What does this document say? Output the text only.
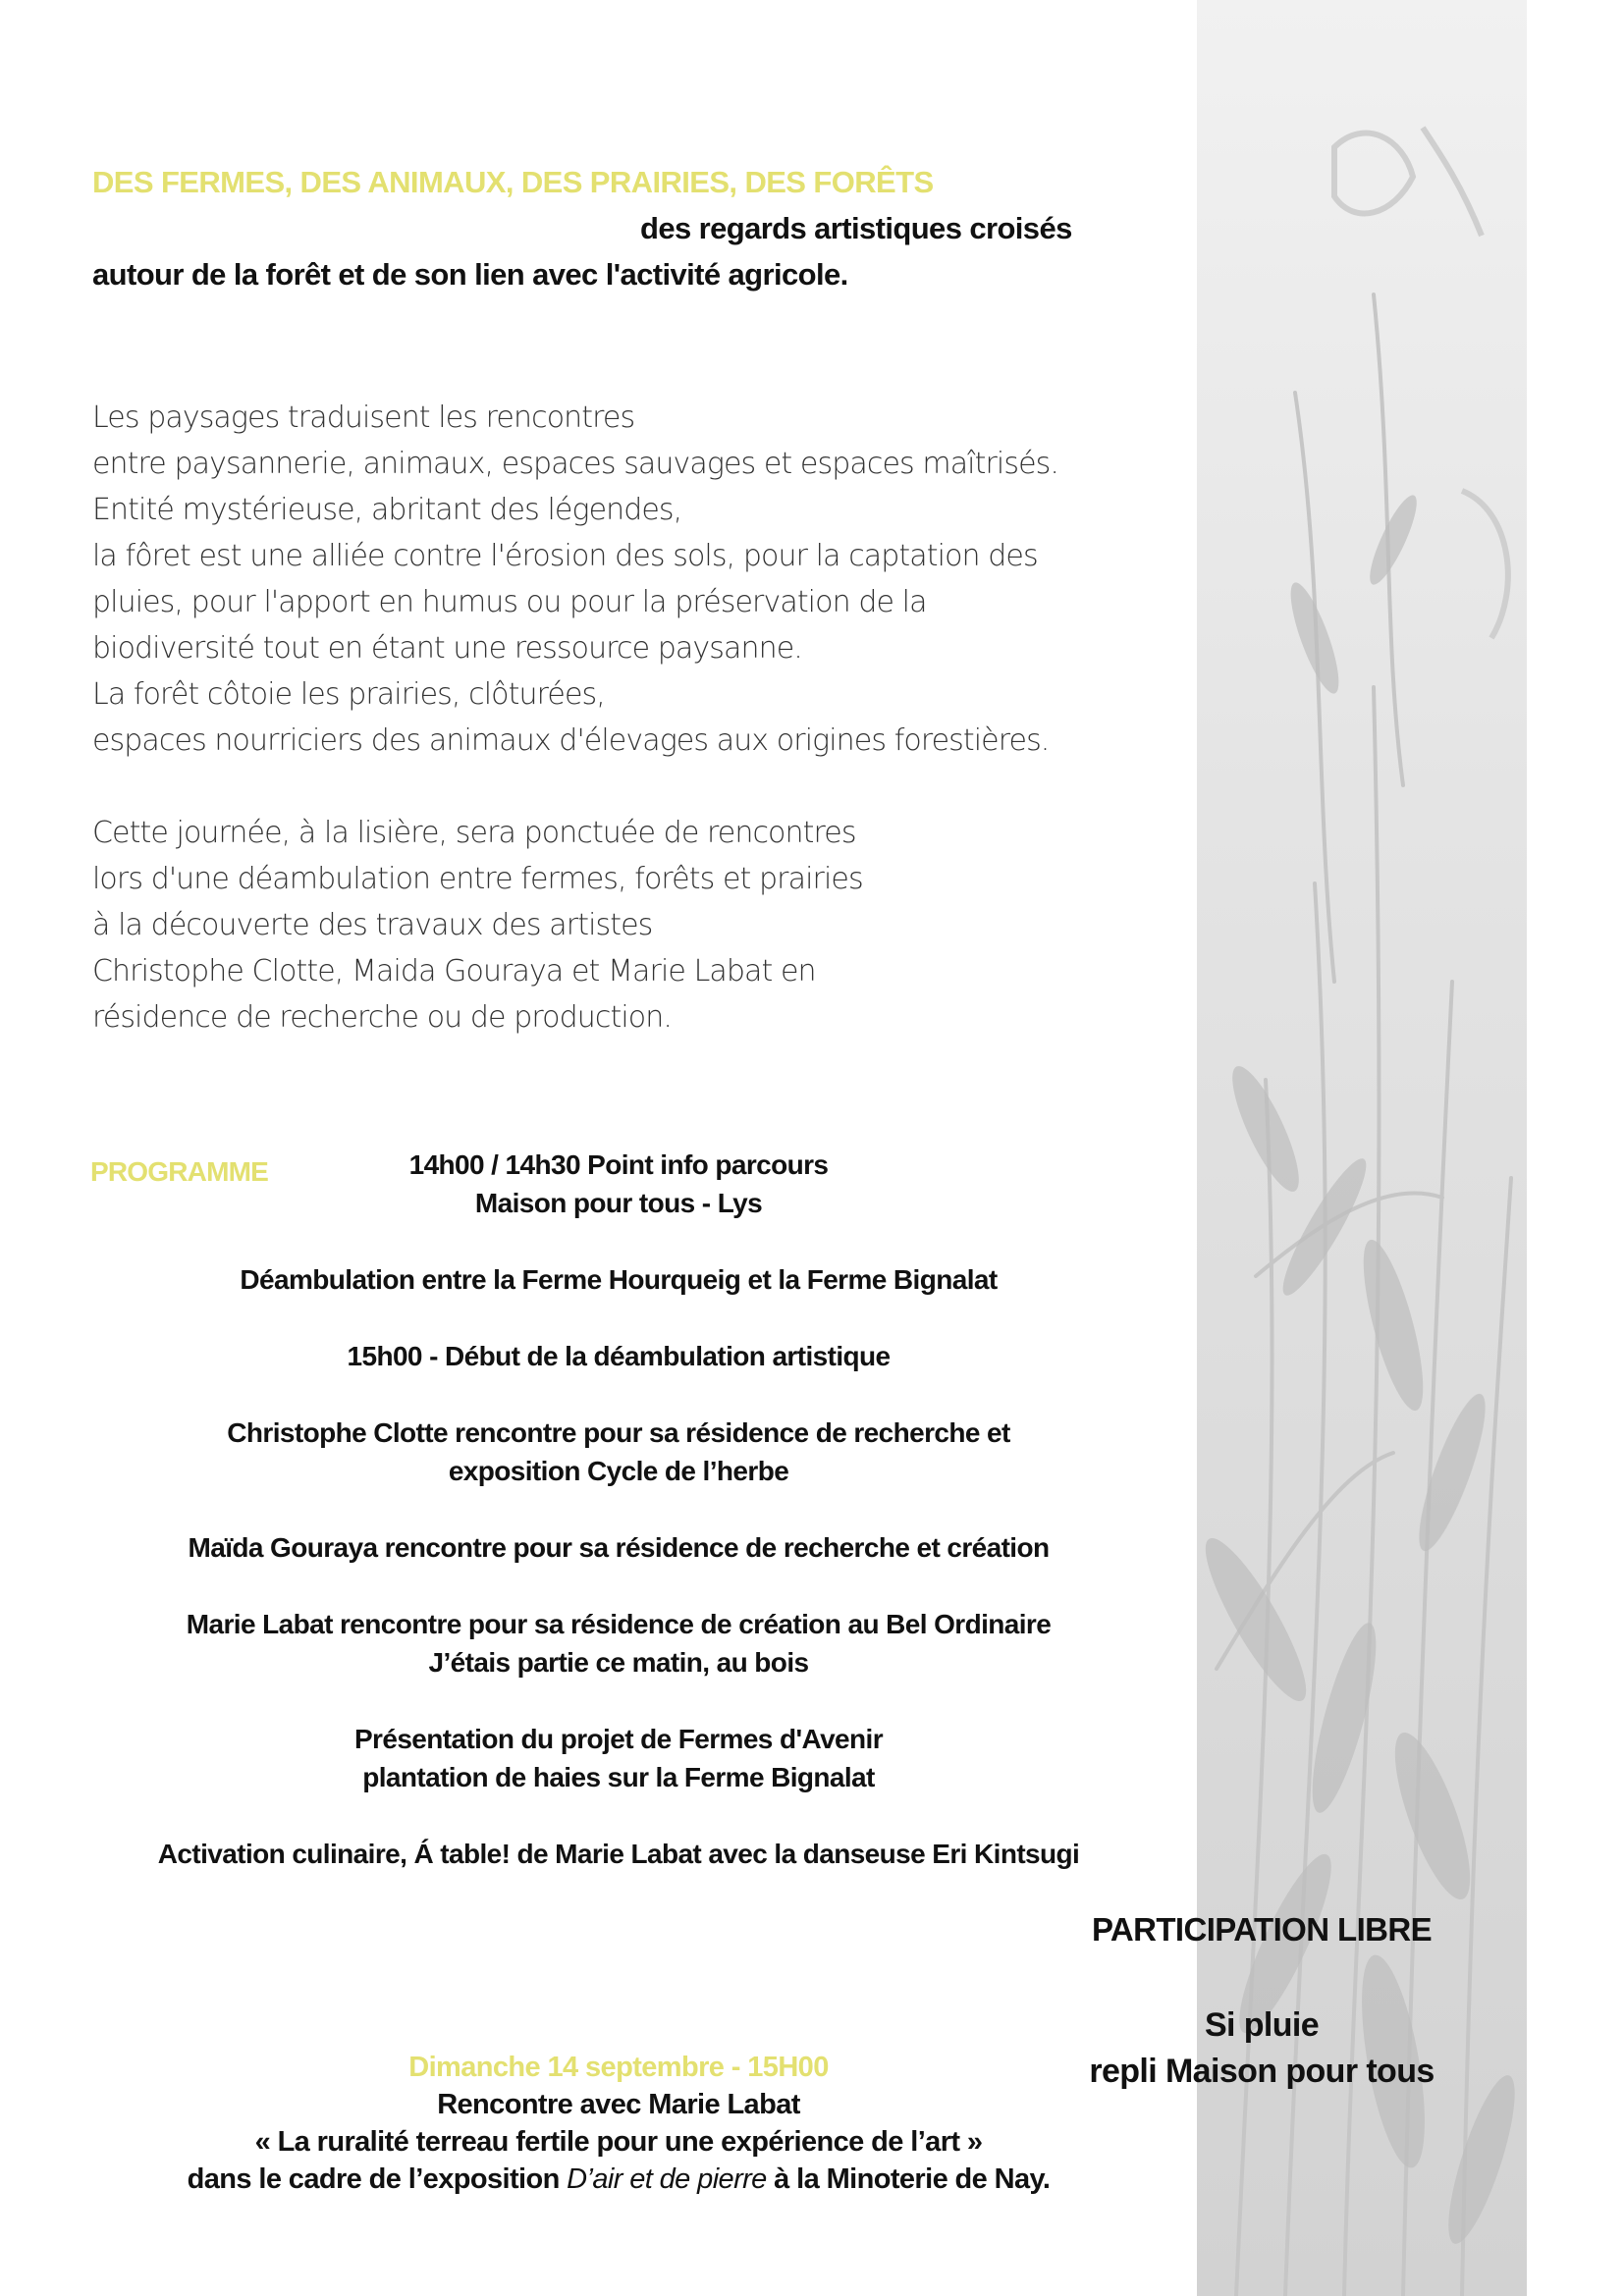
DES FERMES, DES ANIMAUX, DES PRAIRIES, DES FORÊTS
des regards artistiques croisés
autour de la forêt et de son lien avec l'activité agricole.
Les paysages traduisent les rencontres
entre paysannerie, animaux, espaces sauvages et espaces maîtrisés.
Entité mystérieuse, abritant des légendes,
la fôret est une alliée contre l'érosion des sols, pour la captation des
pluies, pour l'apport en humus ou pour la préservation de la
biodiversité tout en étant une ressource paysanne.
La forêt côtoie les prairies, clôturées,
espaces nourriciers des animaux d'élevages aux origines forestières.
Cette journée, à la lisière, sera ponctuée de rencontres
lors d'une déambulation entre fermes, forêts et prairies
à la découverte des travaux des artistes
Christophe Clotte, Maida Gouraya et Marie Labat en
résidence de recherche ou de production.
PROGRAMME	14h00 / 14h30 Point info parcours
Maison pour tous - Lys
Déambulation entre la Ferme Hourqueig et la Ferme Bignalat
15h00 - Début de la déambulation artistique
Christophe Clotte rencontre pour sa résidence de recherche et
exposition Cycle de l’herbe
Maïda Gouraya rencontre pour sa résidence de recherche et création
Marie Labat rencontre pour sa résidence de création au Bel Ordinaire
J’étais partie ce matin, au bois
Présentation du projet de Fermes d'Avenir
plantation de haies sur la Ferme Bignalat
Activation culinaire, Á table! de Marie Labat avec la danseuse Eri Kintsugi
PARTICIPATION LIBRE
Si pluie
repli Maison pour tous
Dimanche 14 septembre - 15H00
Rencontre avec Marie Labat
« La ruralité terreau fertile pour une expérience de l’art »
dans le cadre de l’exposition D’air et de pierre à la Minoterie de Nay.
